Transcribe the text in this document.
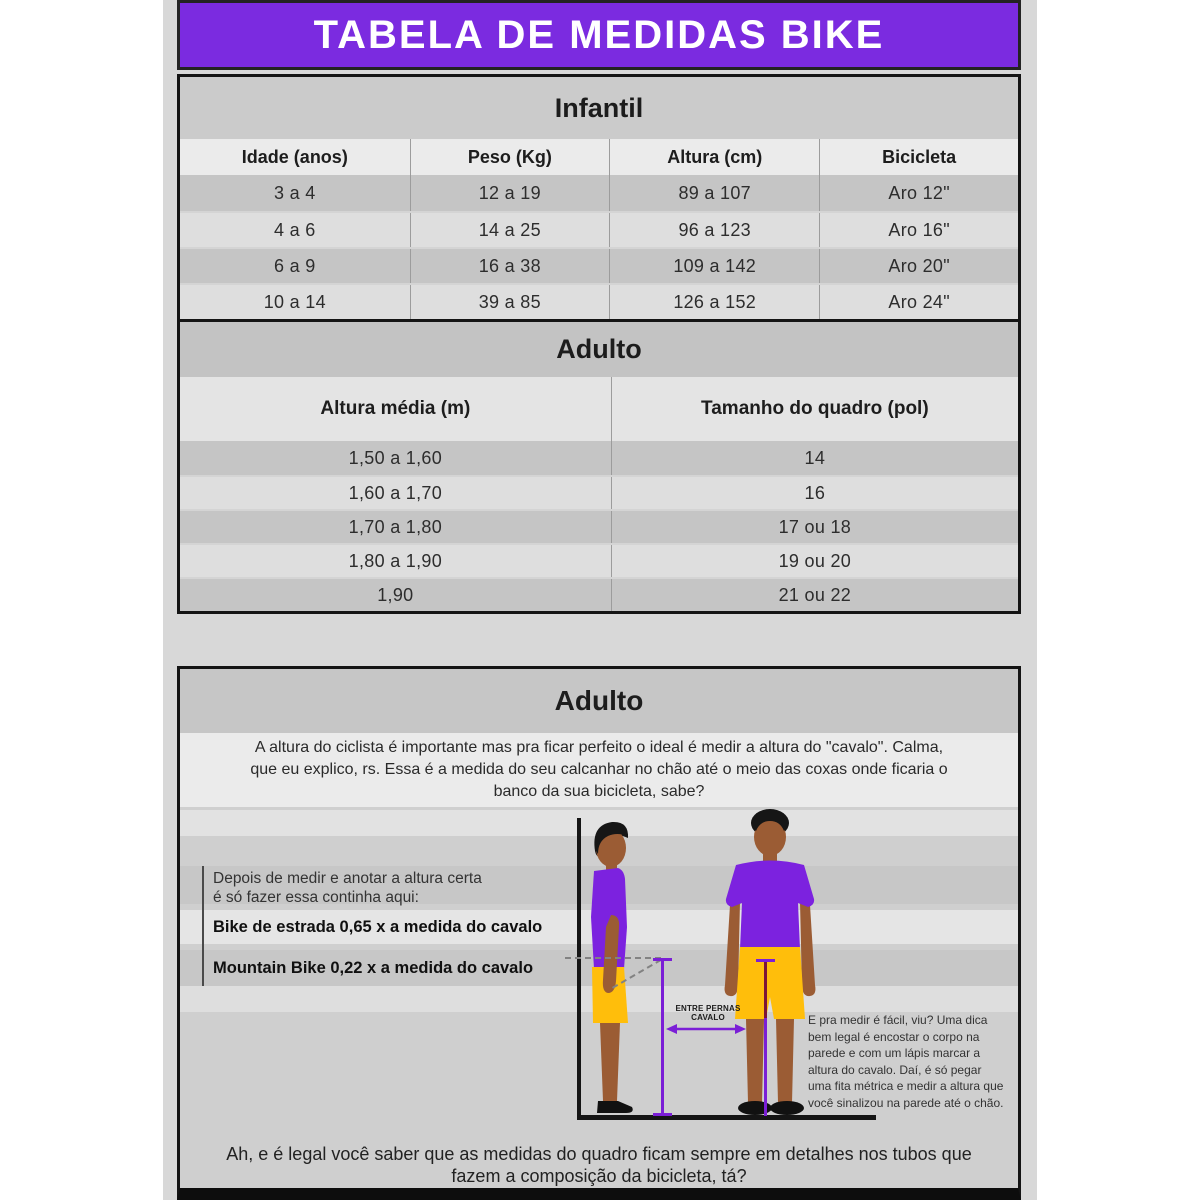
TABELA DE MEDIDAS BIKE
Infantil
Idade (anos)	Peso (Kg)	Altura (cm)	Bicicleta
3 a 4	12 a 19	89 a 107	Aro 12"
4 a 6	14 a 25	96 a 123	Aro 16"
6 a 9	16 a 38	109 a 142	Aro 20"
10 a 14	39 a 85	126 a 152	Aro 24"
Adulto
Altura média (m)	Tamanho do quadro (pol)
1,50 a 1,60	14
1,60 a 1,70	16
1,70 a 1,80	17 ou 18
1,80 a 1,90	19 ou 20
1,90	21 ou 22
Adulto
A altura do ciclista é importante mas pra ficar perfeito o ideal é medir a altura do "cavalo". Calma, que eu explico, rs. Essa é a medida do seu calcanhar no chão até o meio das coxas onde ficaria o banco da sua bicicleta, sabe?
Depois de medir e anotar a altura certa é só fazer essa continha aqui:
Bike de estrada 0,65 x a medida do cavalo
Mountain Bike 0,22 x a medida do cavalo
ENTRE PERNAS
CAVALO	E pra medir é fácil, viu? Uma dica bem legal é encostar o corpo na parede e com um lápis marcar a altura do cavalo. Daí, é só pegar uma fita métrica e medir a altura que você sinalizou na parede até o chão.
Ah, e é legal você saber que as medidas do quadro ficam sempre em detalhes nos tubos que fazem a composição da bicicleta, tá?
